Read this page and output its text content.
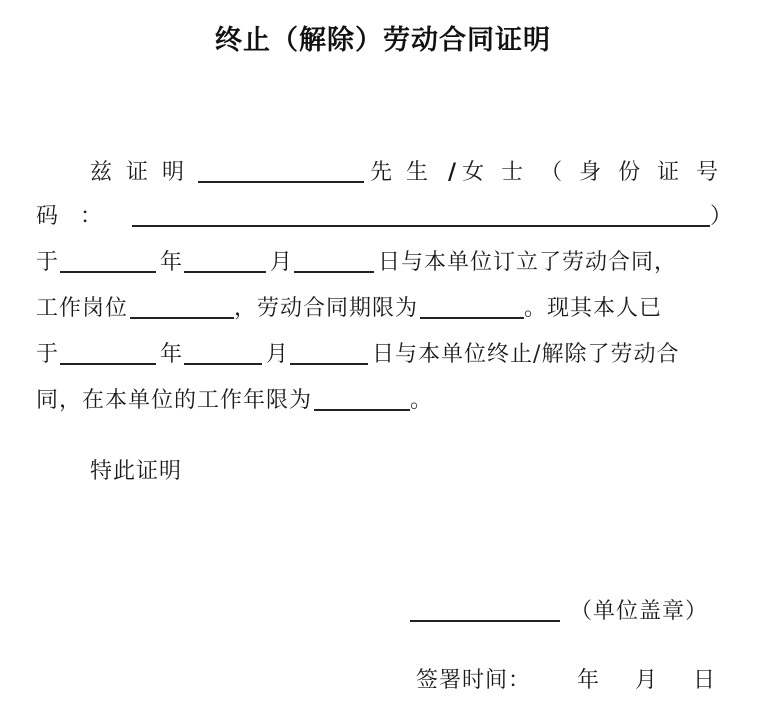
终止（解除）劳动合同证明
兹证明	先生 / 女士（身份证号
码：	）
于	年	月	日与本单位订立了劳动合同，
工作岗位	，劳动合同期限为	。现其本人已
于	年	月	日与本单位终止/解除了劳动合
同，在本单位的工作年限为	。
特此证明
（单位盖章）
签署时间： 年 月 日
